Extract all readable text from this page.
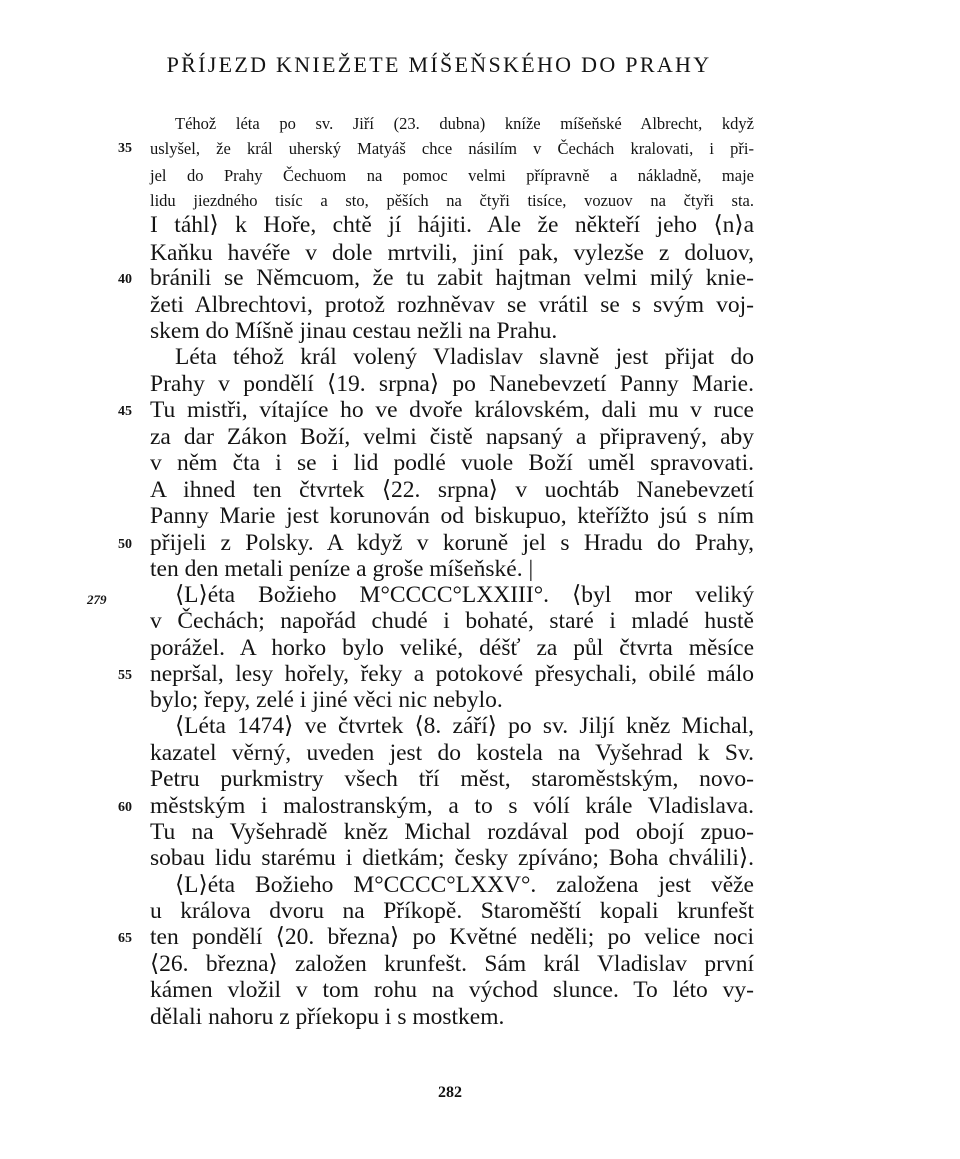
PŘÍJEZD KNIEŽETE MÍŠEŇSKÉHO DO PRAHY
Téhož léta po sv. Jiří (23. dubna) kníže míšeňské Albrecht, když
uslyšel, že král uherský Matyáš chce násilím v Čechách kralovati, i při-
jel do Prahy Čechuom na pomoc velmi přípravně a nákladně, maje
lidu jiezdného tisíc a sto, pěších na čtyři tisíce, vozuov na čtyři sta.
I táhl⟩ k Hoře, chtě jí hájiti. Ale že někteří jeho ⟨n⟩a
Kaňku havéře v dole mrtvili, jiní pak, vylezše z doluov,
bránili se Němcuom, že tu zabit hajtman velmi milý knie-
žeti Albrechtovi, protož rozhněvav se vrátil se s svým voj-
skem do Míšně jinau cestau nežli na Prahu.
Léta téhož král volený Vladislav slavně jest přijat do
Prahy v pondělí ⟨19. srpna⟩ po Nanebevzetí Panny Marie.
Tu mistři, vítajíce ho ve dvoře královském, dali mu v ruce
za dar Zákon Boží, velmi čistě napsaný a připravený, aby
v něm čta i se i lid podlé vuole Boží uměl spravovati.
A ihned ten čtvrtek ⟨22. srpna⟩ v uochtáb Nanebevzetí
Panny Marie jest korunován od biskupuo, kteřížto jsú s ním
přijeli z Polsky. A když v koruně jel s Hradu do Prahy,
ten den metali peníze a groše míšeňské. |
⟨L⟩éta Božieho M°CCCC°LXXIII°. ⟨byl mor veliký
v Čechách; napořád chudé i bohaté, staré i mladé hustě
porážel. A horko bylo veliké, déšť za půl čtvrta měsíce
nepršal, lesy hořely, řeky a potokové přesychali, obilé málo
bylo; řepy, zelé i jiné věci nic nebylo.
⟨Léta 1474⟩ ve čtvrtek ⟨8. září⟩ po sv. Jiljí kněz Michal,
kazatel věrný, uveden jest do kostela na Vyšehrad k Sv.
Petru purkmistry všech tří měst, staroměstským, novo-
městským i malostranským, a to s vólí krále Vladislava.
Tu na Vyšehradě kněz Michal rozdával pod obojí zpuo-
sobau lidu starému i dietkám; česky zpíváno; Boha chválili⟩.
⟨L⟩éta Božieho M°CCCC°LXXV°. založena jest věže
u králova dvoru na Příkopě. Staroměští kopali krunfešt
ten pondělí ⟨20. března⟩ po Květné neděli; po velice noci
⟨26. března⟩ založen krunfešt. Sám král Vladislav první
kámen vložil v tom rohu na východ slunce. To léto vy-
dělali nahoru z příekopu i s mostkem.
35
40
45
50
55
60
65
279
282
